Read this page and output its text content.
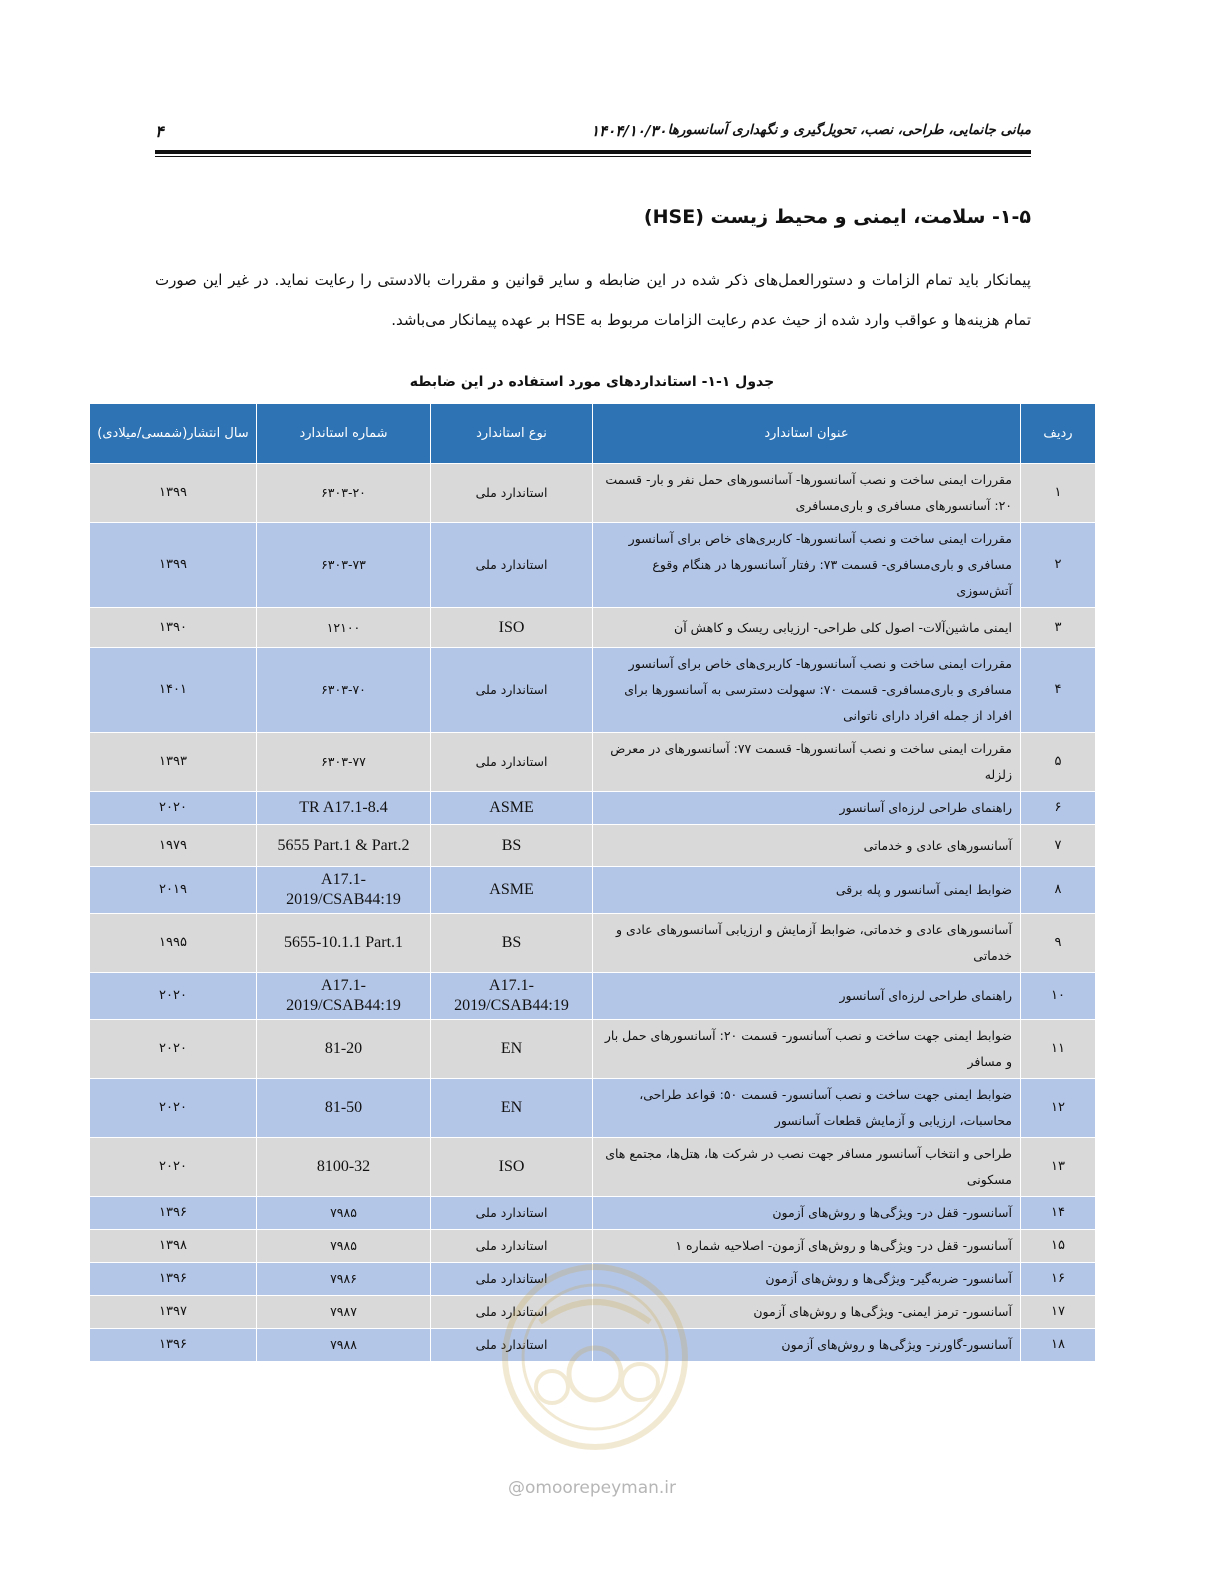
۴	۱۴۰۴/۱۰/۳۰ مبانی جانمایی، طراحی، نصب، تحویل‌گیری و نگهداری آسانسورها
۱-۵- سلامت، ایمنی و محیط زیست (HSE)

پیمانکار باید تمام الزامات و دستورالعمل‌های ذکر شده در این ضابطه و سایر قوانین و مقررات بالادستی را رعایت نماید. در غیر این صورت تمام هزینه‌ها و عواقب وارد شده از حیث عدم رعایت الزامات مربوط به HSE بر عهده پیمانکار می‌باشد.

جدول ۱-۱- استانداردهای مورد استفاده در این ضابطه
ردیف	عنوان استاندارد	نوع استاندارد	شماره استاندارد	سال انتشار(شمسی/میلادی)
۱	مقررات ایمنی ساخت و نصب آسانسورها- آسانسورهای حمل نفر و بار- قسمت ۲۰: آسانسورهای مسافری و باری‌مسافری	استاندارد ملی	۶۳۰۳-۲۰	۱۳۹۹
۲	مقررات ایمنی ساخت و نصب آسانسورها- کاربری‌های خاص برای آسانسور مسافری و باری‌مسافری- قسمت ۷۳: رفتار آسانسورها در هنگام وقوع آتش‌سوزی	استاندارد ملی	۶۳۰۳-۷۳	۱۳۹۹
۳	ایمنی ماشین‌آلات- اصول کلی طراحی- ارزیابی ریسک و کاهش آن	ISO	۱۲۱۰۰	۱۳۹۰
۴	مقررات ایمنی ساخت و نصب آسانسورها- کاربری‌های خاص برای آسانسور مسافری و باری‌مسافری- قسمت ۷۰: سهولت دسترسی به آسانسورها برای افراد از جمله افراد دارای ناتوانی	استاندارد ملی	۶۳۰۳-۷۰	۱۴۰۱
۵	مقررات ایمنی ساخت و نصب آسانسورها- قسمت ۷۷: آسانسورهای در معرض زلزله	استاندارد ملی	۶۳۰۳-۷۷	۱۳۹۳
۶	راهنمای طراحی لرزه‌ای آسانسور	ASME	TR A17.1-8.4	۲۰۲۰
۷	آسانسورهای عادی و خدماتی	BS	5655 Part.1 & Part.2	۱۹۷۹
۸	ضوابط ایمنی آسانسور و پله برقی	ASME	A17.1-2019/CSAB44:19	۲۰۱۹
۹	آسانسورهای عادی و خدماتی، ضوابط آزمایش و ارزیابی آسانسورهای عادی و خدماتی	BS	5655-10.1.1 Part.1	۱۹۹۵
۱۰	راهنمای طراحی لرزه‌ای آسانسور	A17.1-2019/CSAB44:19	A17.1-2019/CSAB44:19	۲۰۲۰
۱۱	ضوابط ایمنی جهت ساخت و نصب آسانسور- قسمت ۲۰: آسانسورهای حمل بار و مسافر	EN	81-20	۲۰۲۰
۱۲	ضوابط ایمنی جهت ساخت و نصب آسانسور- قسمت ۵۰: قواعد طراحی، محاسبات، ارزیابی و آزمایش قطعات آسانسور	EN	81-50	۲۰۲۰
۱۳	طراحی و انتخاب آسانسور مسافر جهت نصب در شرکت ها، هتل‌ها، مجتمع های مسکونی	ISO	8100-32	۲۰۲۰
۱۴	آسانسور- قفل در- ویژگی‌ها و روش‌های آزمون	استاندارد ملی	۷۹۸۵	۱۳۹۶
۱۵	آسانسور- قفل در- ویژگی‌ها و روش‌های آزمون- اصلاحیه شماره ۱	استاندارد ملی	۷۹۸۵	۱۳۹۸
۱۶	آسانسور- ضربه‌گیر- ویژگی‌ها و روش‌های آزمون	استاندارد ملی	۷۹۸۶	۱۳۹۶
۱۷	آسانسور- ترمز ایمنی- ویژگی‌ها و روش‌های آزمون	استاندارد ملی	۷۹۸۷	۱۳۹۷
۱۸	آسانسور-گاورنر- ویژگی‌ها و روش‌های آزمون	استاندارد ملی	۷۹۸۸	۱۳۹۶
@omoorepeyman.ir
